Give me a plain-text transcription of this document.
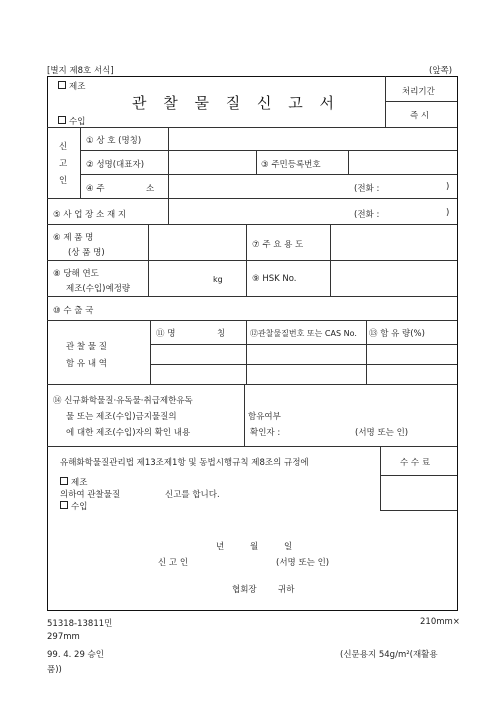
[별지 제8호 서식]	(앞쪽)
제조
수입
관 찰 물 질 신 고 서
처리기간
즉 시
신
고
인
① 상 호 (명칭)
② 성명(대표자)	③ 주민등록번호
④ 주	소	(전화 :	)
⑤ 사 업 장 소 재 지	(전화 :	)
⑥ 제 품 명
(상 품 명)
⑦ 주 요 용 도
⑧ 당해 연도
제조(수입)예정량
kg	⑨ HSK No.
⑩ 수 출 국
관 찰 물 질
함 유 내 역
⑪ 명	칭	⑫관찰물질번호 또는 CAS No. ⑬ 함 유 량(%)
⑭ 신규화학물질·유독물·취급제한유독
물 또는 제조(수입)금지물질의	함유여부
에 대한 제조(수입)자의 확인 내용	확인자 :	(서명 또는 인)
유해화학물질관리법 제13조제1항 및 동법시행규칙 제8조의 규정에	수 수 료
제조
의하여 관찰물질	신고를 합니다.
수입
년	월	일
신 고 인	(서명 또는 인)
협회장	귀하
51318-13811민	210mm×
297mm
99. 4. 29 승인	(신문용지 54g/m²(재활용
품))
